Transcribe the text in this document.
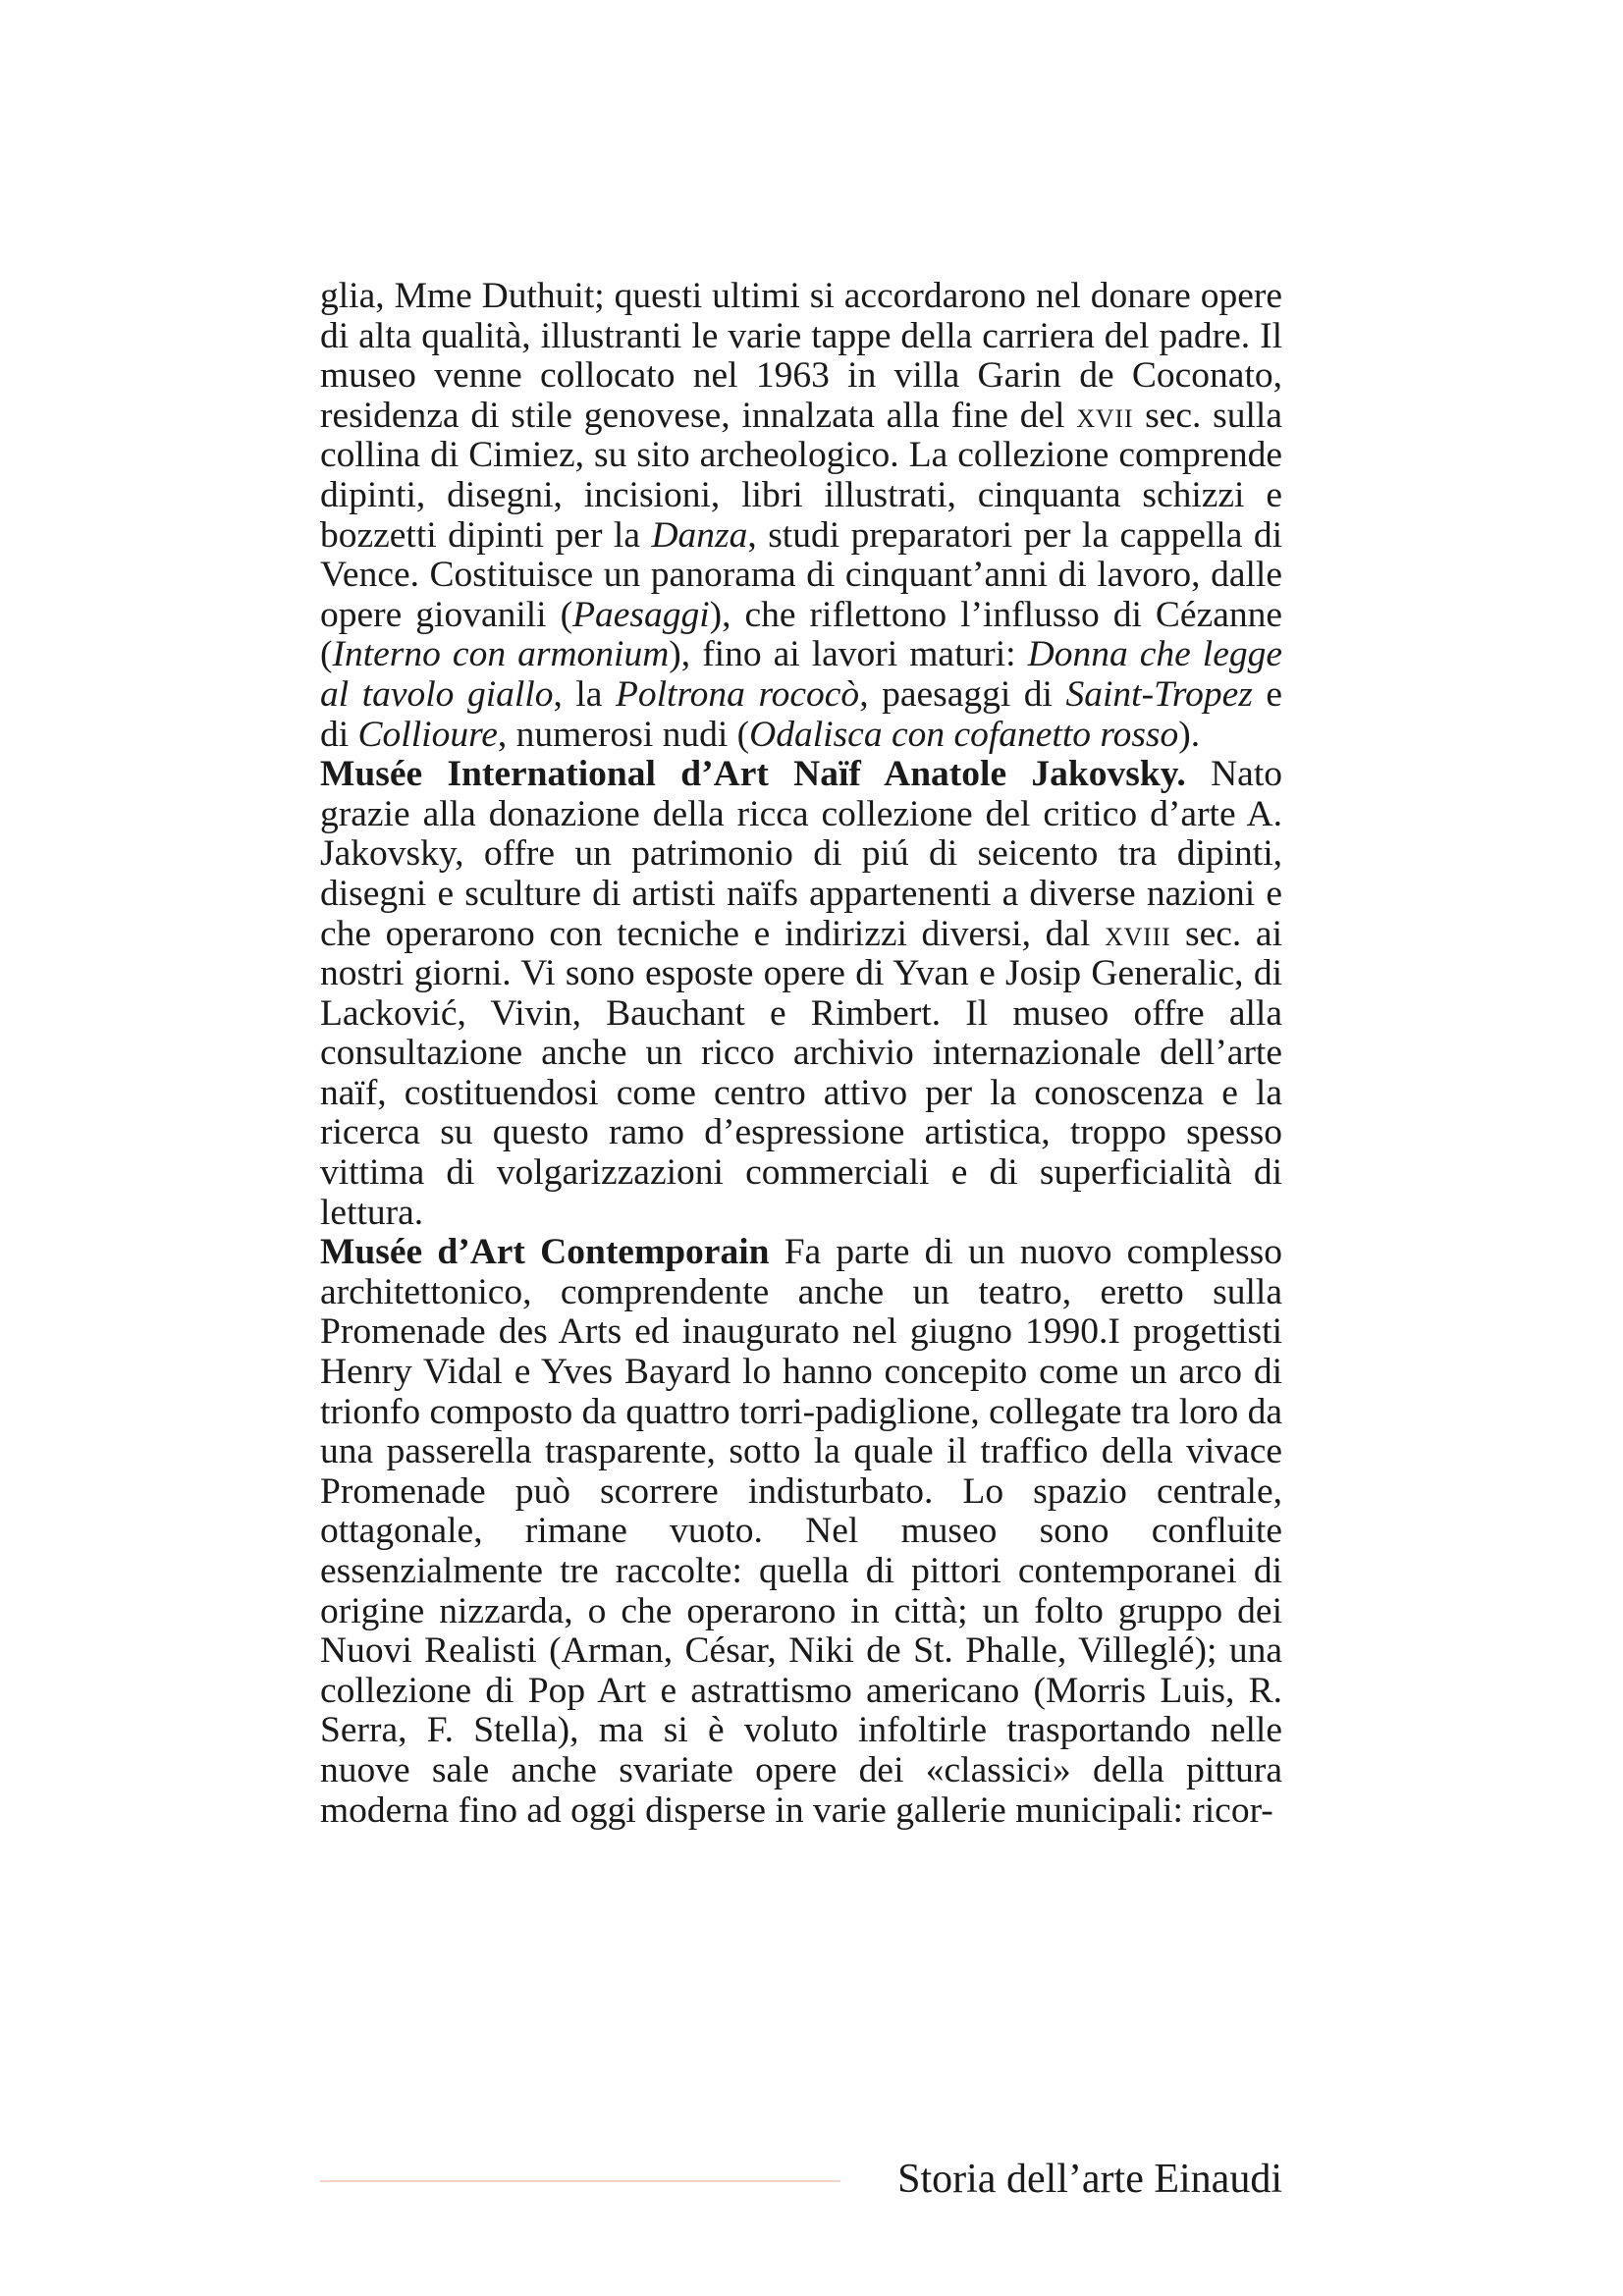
glia, Mme Duthuit; questi ultimi si accordarono nel donare opere di alta qualità, illustranti le varie tappe della carriera del padre. Il museo venne collocato nel 1963 in villa Garin de Coconato, residenza di stile genovese, innalzata alla fine del xvii sec. sulla collina di Cimiez, su sito archeologico. La collezione comprende dipinti, disegni, incisioni, libri illustrati, cinquanta schizzi e bozzetti dipinti per la Danza, studi preparatori per la cappella di Vence. Costituisce un panorama di cinquant’anni di lavoro, dalle opere giovanili (Paesaggi), che riflettono l’influsso di Cézanne (Interno con armonium), fino ai lavori maturi: Donna che legge al tavolo giallo, la Poltrona rococò, paesaggi di Saint-Tropez e di Collioure, numerosi nudi (Odalisca con cofanetto rosso).

Musée International d’Art Naïf Anatole Jakovsky. Nato grazie alla donazione della ricca collezione del critico d’arte A. Jakovsky, offre un patrimonio di piú di seicento tra dipinti, disegni e sculture di artisti naïfs appartenenti a diverse nazioni e che operarono con tecniche e indirizzi diversi, dal xviii sec. ai nostri giorni. Vi sono esposte opere di Yvan e Josip Generalic, di Lacković, Vivin, Bauchant e Rimbert. Il museo offre alla consultazione anche un ricco archivio internazionale dell’arte naïf, costituendosi come centro attivo per la conoscenza e la ricerca su questo ramo d’espressione artistica, troppo spesso vittima di volgarizzazioni commerciali e di superficialità di lettura.

Musée d’Art Contemporain Fa parte di un nuovo complesso architettonico, comprendente anche un teatro, eretto sulla Promenade des Arts ed inaugurato nel giugno 1990.I progettisti Henry Vidal e Yves Bayard lo hanno concepito come un arco di trionfo composto da quattro torri-padiglione, collegate tra loro da una passerella trasparente, sotto la quale il traffico della vivace Promenade può scorrere indisturbato. Lo spazio centrale, ottagonale, rimane vuoto. Nel museo sono confluite essenzialmente tre raccolte: quella di pittori contemporanei di origine nizzarda, o che operarono in città; un folto gruppo dei Nuovi Realisti (Arman, César, Niki de St. Phalle, Villeglé); una collezione di Pop Art e astrattismo americano (Morris Luis, R. Serra, F. Stella), ma si è voluto infoltirle trasportando nelle nuove sale anche svariate opere dei «classici» della pittura moderna fino ad oggi disperse in varie gallerie municipali: ricor-

Storia dell’arte Einaudi
